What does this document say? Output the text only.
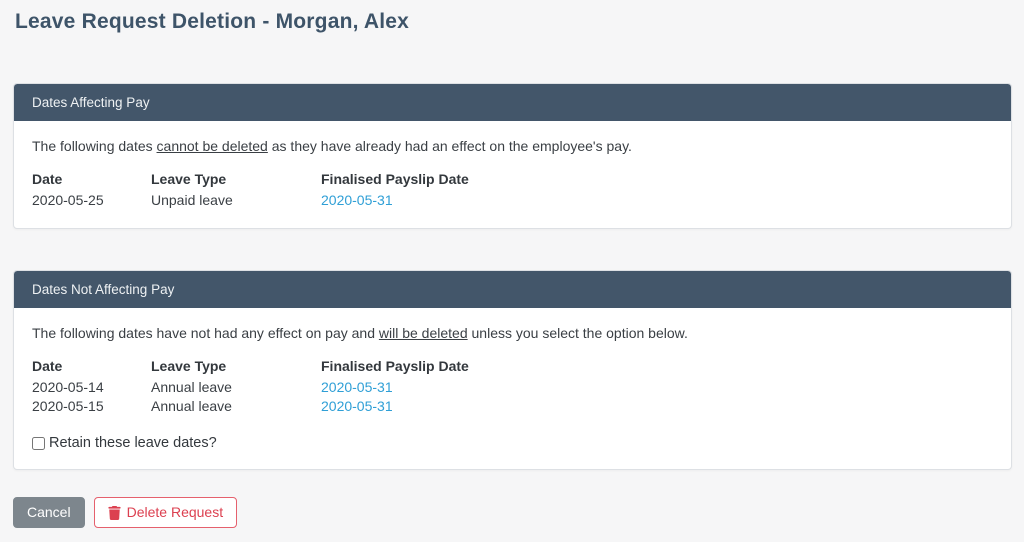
Leave Request Deletion - Morgan, Alex
Dates Affecting Pay

The following dates cannot be deleted as they have already had an effect on the employee's pay.

Date	Leave Type	Finalised Payslip Date
2020-05-25	Unpaid leave	2020-05-31
Dates Not Affecting Pay

The following dates have not had any effect on pay and will be deleted unless you select the option below.

Date	Leave Type	Finalised Payslip Date
2020-05-14	Annual leave	2020-05-31
2020-05-15	Annual leave	2020-05-31
Retain these leave dates?
Cancel	Delete Request
